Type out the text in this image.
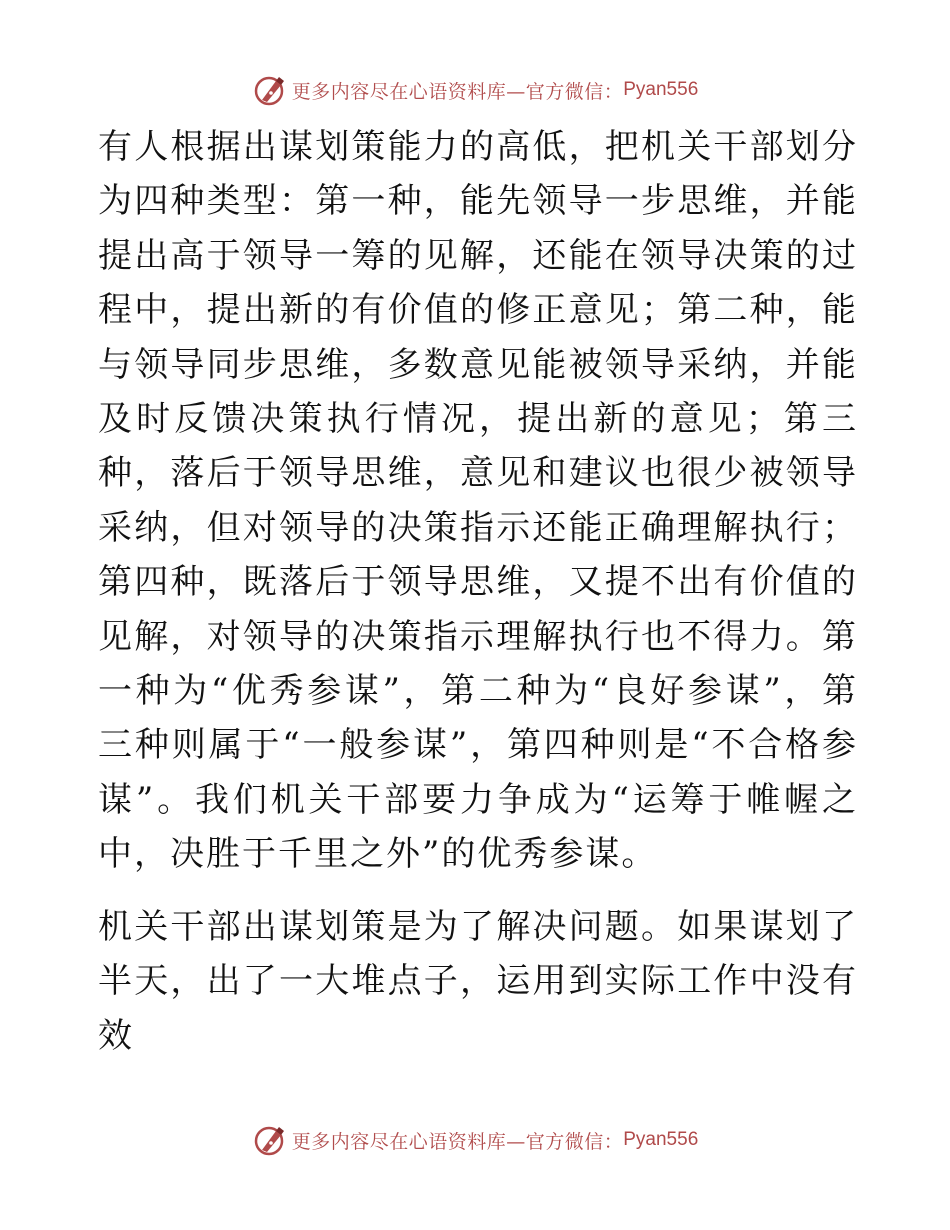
更多内容尽在心语资料库—官方微信： Pyan556

有人根据出谋划策能力的高低，把机关干部划分为四种类型：第一种，能先领导一步思维，并能提出高于领导一筹的见解，还能在领导决策的过程中，提出新的有价值的修正意见；第二种，能与领导同步思维，多数意见能被领导采纳，并能及时反馈决策执行情况，提出新的意见；第三种，落后于领导思维，意见和建议也很少被领导采纳，但对领导的决策指示还能正确理解执行；第四种，既落后于领导思维，又提不出有价值的见解，对领导的决策指示理解执行也不得力。第一种为“优秀参谋”，第二种为“良好参谋”，第三种则属于“一般参谋”，第四种则是“不合格参谋”。我们机关干部要力争成为“运筹于帷幄之中，决胜于千里之外”的优秀参谋。

机关干部出谋划策是为了解决问题。如果谋划了半天，出了一大堆点子，运用到实际工作中没有效

更多内容尽在心语资料库—官方微信： Pyan556
